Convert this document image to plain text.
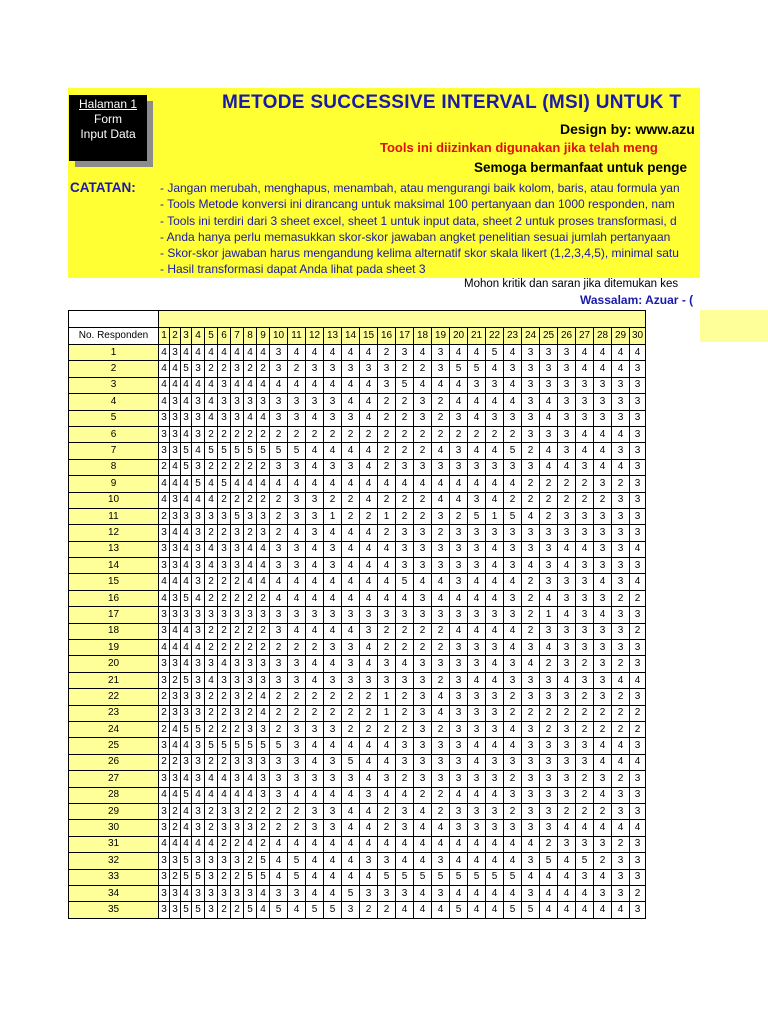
Halaman 1
Form
Input Data
METODE SUCCESSIVE INTERVAL (MSI) UNTUK T
Design by: www.azu
Tools ini diizinkan digunakan jika telah meng
Semoga bermanfaat untuk penge
CATATAN: - Jangan merubah, menghapus, menambah, atau mengurangi baik kolom, baris, atau formula yan
- Tools Metode konversi ini dirancang untuk maksimal 100 pertanyaan dan 1000 responden, nam
- Tools ini terdiri dari 3 sheet excel, sheet 1 untuk input data, sheet 2 untuk proses transformasi, d
- Anda hanya perlu memasukkan skor-skor jawaban angket penelitian sesuai jumlah pertanyaan
- Skor-skor jawaban harus mengandung kelima alternatif skor skala likert (1,2,3,4,5), minimal satu
- Hasil transformasi dapat Anda lihat pada sheet 3
Mohon kritik dan saran jika ditemukan kes
Wassalam: Azuar - (

No. Responden	1	2	3	4	5	6	7	8	9	10	11	12	13	14	15	16	17	18	19	20	21	22	23	24	25	26	27	28	29	30
1	4	3	4	4	4	4	4	4	4	3	4	4	4	4	4	2	3	4	3	4	4	5	4	3	3	3	4	4	4	4
2	4	4	5	3	2	2	3	2	2	3	2	3	3	3	3	3	2	2	3	5	5	4	3	3	3	3	4	4	4	3
3	4	4	4	4	4	3	4	4	4	4	4	4	4	4	4	3	5	4	4	4	3	3	4	3	3	3	3	3	3	3
4	4	3	4	3	4	3	3	3	3	3	3	3	3	4	4	2	2	3	2	4	4	4	4	3	4	3	3	3	3	3
5	3	3	3	3	4	3	3	4	4	3	3	4	3	3	4	2	2	3	2	3	4	3	3	3	4	3	3	3	3	3
6	3	3	4	3	2	2	2	2	2	2	2	2	2	2	2	2	2	2	2	2	2	2	2	3	3	3	4	4	4	3
7	3	3	5	4	5	5	5	5	5	5	5	4	4	4	4	2	2	2	4	3	4	4	5	2	4	3	4	4	3	3
8	2	4	5	3	2	2	2	2	2	3	3	4	3	3	4	2	3	3	3	3	3	3	3	3	4	4	3	4	4	3
9	4	4	4	5	4	5	4	4	4	4	4	4	4	4	4	4	4	4	4	4	4	4	4	2	2	2	2	3	2	3
10	4	3	4	4	4	2	2	2	2	2	3	3	2	2	4	2	2	2	4	4	3	4	2	2	2	2	2	2	3	3
11	2	3	3	3	3	3	5	3	3	2	3	3	1	2	2	1	2	2	3	2	5	1	5	4	2	3	3	3	3	3
12	3	4	4	3	2	2	3	2	3	2	4	3	4	4	4	2	3	3	2	3	3	3	3	3	3	3	3	3	3	3
13	3	3	4	3	4	3	3	4	4	3	3	4	3	4	4	4	3	3	3	3	3	4	3	3	3	4	4	3	3	4
14	3	3	4	3	4	3	3	4	4	3	3	4	3	4	4	4	3	3	3	3	3	4	3	4	3	4	3	3	3	3
15	4	4	4	3	2	2	2	4	4	4	4	4	4	4	4	4	5	4	4	3	4	4	4	2	3	3	3	4	3	4
16	4	3	5	4	2	2	2	2	2	4	4	4	4	4	4	4	4	3	4	4	4	4	3	2	4	3	3	3	2	2
17	3	3	3	3	3	3	3	3	3	3	3	3	3	3	3	3	3	3	3	3	3	3	3	2	1	4	3	4	3	3
18	3	4	4	3	2	2	2	2	2	3	4	4	4	4	3	2	2	2	2	4	4	4	4	2	3	3	3	3	3	2
19	4	4	4	4	2	2	2	2	2	2	2	2	3	3	4	2	2	2	2	3	3	3	4	3	4	3	3	3	3	3
20	3	3	4	3	3	4	3	3	3	3	3	4	4	3	4	3	4	3	3	3	3	4	3	4	2	3	2	3	2	3
21	3	2	5	3	4	3	3	3	3	3	3	4	3	3	3	3	3	3	2	3	4	4	3	3	3	4	3	3	4	4
22	2	3	3	3	2	2	3	2	4	2	2	2	2	2	2	1	2	3	4	3	3	3	2	3	3	3	2	3	2	3
23	2	3	3	3	2	2	3	2	4	2	2	2	2	2	2	1	2	3	4	3	3	3	2	2	2	2	2	2	2	2
24	2	4	5	5	2	2	2	3	3	2	3	3	3	2	2	2	2	3	2	3	3	3	4	3	2	3	2	2	2	2
25	3	4	4	3	5	5	5	5	5	5	3	4	4	4	4	4	3	3	3	3	4	4	4	3	3	3	3	4	4	3
26	2	2	3	3	2	2	3	3	3	3	3	4	3	5	4	4	3	3	3	3	4	3	3	3	3	3	3	4	4	4
27	3	3	4	3	4	4	3	4	3	3	3	3	3	3	4	3	2	3	3	3	3	3	2	3	3	3	2	3	2	3
28	4	4	5	4	4	4	4	4	3	3	4	4	4	4	3	4	4	2	2	4	4	4	3	3	3	3	2	4	3	3
29	3	2	4	3	2	3	3	2	2	2	2	3	3	4	4	2	3	4	2	3	3	3	2	3	3	2	2	2	3	3
30	3	2	4	3	2	3	3	3	2	2	2	3	3	4	4	2	3	4	4	3	3	3	3	3	3	4	4	4	4	4
31	4	4	4	4	4	2	2	4	2	4	4	4	4	4	4	4	4	4	4	4	4	4	4	4	2	3	3	3	2	3
32	3	3	5	3	3	3	3	2	5	4	5	4	4	4	3	3	4	4	3	4	4	4	4	3	5	4	5	2	3	3
33	3	2	5	5	3	2	2	5	5	4	5	4	4	4	4	5	5	5	5	5	5	5	5	4	4	4	3	4	3	3
34	3	3	4	3	3	3	3	3	4	3	3	4	4	5	3	3	3	4	3	4	4	4	4	3	4	4	4	3	3	2
35	3	3	5	5	3	2	2	5	4	5	4	5	5	3	2	2	4	4	4	5	4	4	5	5	4	4	4	4	4	3
